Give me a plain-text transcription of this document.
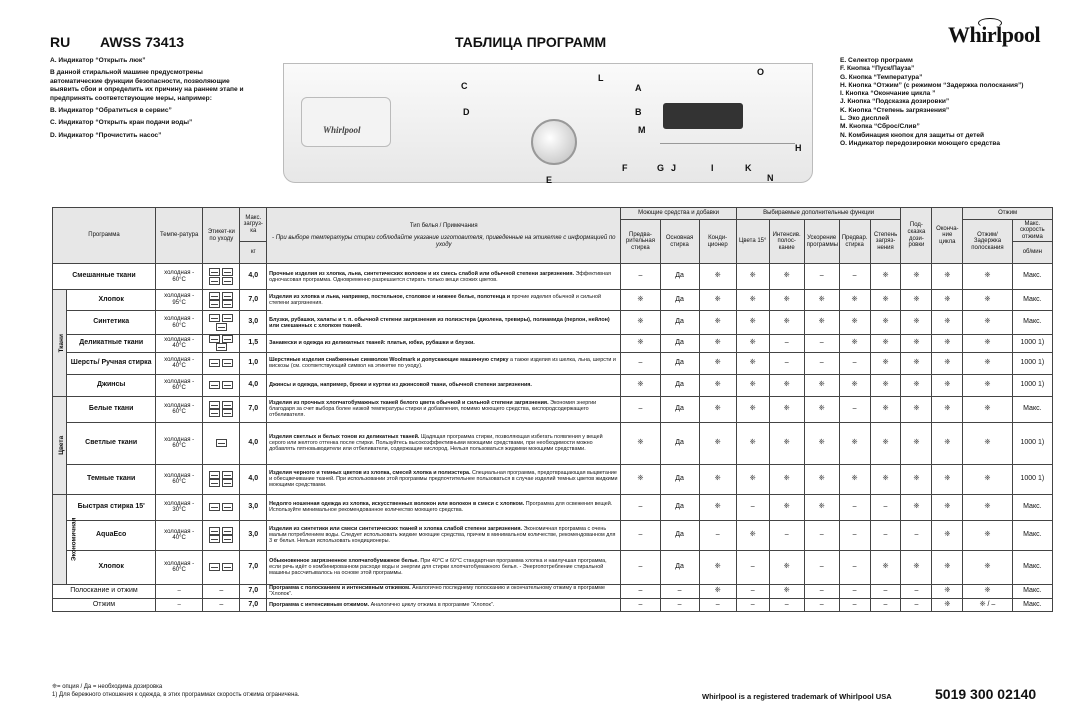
RU AWSS 73413	ТАБЛИЦА ПРОГРАММ	Whirlpool

A. Индикатор “Открыть люк”

В данной стиральной машине предусмотрены автоматические функции безопасности, позволяющие выявить сбои и определить их причину на раннем этапе и предпринять соответствующие меры, например:

B. Индикатор “Обратиться в сервис”

C. Индикатор “Открыть кран подачи воды”

D. Индикатор “Прочистить насос”

Whirlpool
C
D
L
A
B
M
O
H
F	G J	I	K
N
E
E. Селектор программ
F. Кнопка “Пуск/Пауза”
G. Кнопка “Температура”
H. Кнопка “Отжим” (с режимом “Задержка полоскания”)
I. Кнопка “Окончание цикла ”
J. Кнопка “Подсказка дозировки”
K. Кнопка “Степень загрязнения”
L. Эко дисплей
M. Кнопка “Сброс/Слив”
N. Комбинация кнопок для защиты от детей
O. Индикатор передозировки моющего средства
Программа		Темпе-ратура	Этикет-ки по уходу	Макс. загруз-ка	Тип белья / Примечания
- При выборе температуры стирки соблюдайте указание изготовителя, приведенные на этикетке с информацией по уходу	Моющие средства и добавки			Выбираемые дополнительные функции					Под-сказка дози-ровки	Оконча-ние цикла	Отжим	
						Предва-рительная стирка	Основная стирка	Конди-ционер	Цвета 15°	Интенсив. полос-кание	Ускорение программы	Предвар. стирка	Степень загряз-нения			Отжим/ Задержка полоскания	Макс. скорость отжима
				кг													об/мин
Смешанные ткани		холодная - 60°C		4,0	Прочные изделия из хлопка, льна, синтетических волокон и их смесь слабой или обычной степени загрязнения. Эффективная одночасовая программа. Одновременно разрешается стирать только вещи схожих цветов.	–	Да	❊	❊	❊	–	–	❊	❊	❊	❊	Макс.
Ткани	Хлопок	холодная - 95°C		7,0	Изделия из хлопка и льна, например, постельное, столовое и нижнее белье, полотенца и прочие изделия обычной и сильной степени загрязнения.	❊	Да	❊	❊	❊	❊	❊	❊	❊	❊	❊	Макс.
	Синтетика	холодная - 60°C		3,0	Блузки, рубашки, халаты и т. п. обычной степени загрязнения из полиэстера (диолена, тревиры), полиамида (перлон, нейлон) или смешанных с хлопком тканей.	❊	Да	❊	❊	❊	❊	❊	❊	❊	❊	❊	Макс.
	Деликатные ткани	холодная - 40°C		1,5	Занавески и одежда из деликатных тканей: платья, юбки, рубашки и блузки.	❊	Да	❊	❊	–	–	❊	❊	❊	❊	❊	1000 1)
	Шерсть/ Ручная стирка	холодная - 40°C		1,0	Шерстяные изделия снабженные символом Woolmark и допускающие машинную стирку а также изделия из шелка, льна, шерсти и вискозы (см. соответствующий символ на этикетке по уходу).	–	Да	❊	❊	–	–	–	❊	❊	❊	❊	1000 1)
	Джинсы	холодная - 60°C		4,0	Джинсы и одежда, например, брюки и куртки из джинсовой ткани, обычной степени загрязнения.	❊	Да	❊	❊	❊	❊	❊	❊	❊	❊	❊	1000 1)
Цвета	Белые ткани	холодная - 60°C		7,0	Изделия из прочных хлопчатобумажных тканей белого цвета обычной и сильной степени загрязнения. Экономия энергии благодаря за счет выбора более низкой температуры стирки и добавления, помимо моющего средства, кислородсодержащего отбеливателя.	–	Да	❊	❊	❊	❊	–	❊	❊	❊	❊	Макс.
	Светлые ткани	холодная - 60°C		4,0	Изделия светлых и белых тонов из деликатных тканей. Щадящая программа стирки, позволяющая избегать появления у вещей серого или желтого оттенка после стирки. Пользуйтесь высокоэффективными моющими средствами, при необходимости можно добавлять пятновыводители или отбеливатели, содержащие кислород. Нельзя пользоваться жидкими моющими средствами.	❊	Да	❊	❊	❊	❊	❊	❊	❊	❊	❊	1000 1)
	Темные ткани	холодная - 60°C		4,0	Изделия черного и темных цветов из хлопка, смесей хлопка и полиэстера. Специальная программа, предотвращающая выцветание и обесцвечивание тканей. При использовании этой программы предпочтительнее пользоваться в случае изделий темных цветов жидкими моющими средствами.	❊	Да	❊	❊	❊	❊	❊	❊	❊	❊	❊	1000 1)
Экономичная	Быстрая стирка 15'	холодная - 30°C		3,0	Недолго ношенная одежда из хлопка, искусственных волокон или волокон в смеси с хлопком. Программа для освежения вещей. Используйте минимальное рекомендованное количество моющего средства.	–	Да	❊	–	❊	❊	–	–	❊	❊	❊	Макс.
	AquaEco	холодная - 40°C		3,0	Изделия из синтетики или смеси синтетических тканей и хлопка слабой степени загрязнения. Экономичная программа с очень малым потреблением воды. Следует использовать жидкие моющие средства, причем в минимальном количестве, рекомендованном для 3 кг белья. Нельзя использовать кондиционеры.	–	Да	–	❊	–	–	–	–	–	❊	❊	Макс.
	Хлопок	холодная - 60°C		7,0	Обыкновенное загрязненное хлопчатобумажное белье. При 40°C и 60°C стандартная программа хлопка и наилучшая программа, если речь идёт о комбинированном расходе воды и энергии для стирки хлопчатобумажного белья. - Энергопотребление стиральной машины рассчитывалось на основе этой программы.	–	Да	❊	–	❊	–	–	❊	❊	❊	❊	Макс.
Полоскание и отжим		–	–	7,0	Программа с полосканием и интенсивным отжимом. Аналогично последнему полосканию и окончательному отжиму в программе “Хлопок”.	–	–	❊	–	❊	–	–	–	–	❊	❊	Макс.
Отжим		–	–	7,0	Программа с интенсивным отжимом. Аналогично циклу отжима в программе “Хлопок”.	–	–	–	–	–	–	–	–	–	❊	❊ / –	Макс.
❊= опция / Да = необходима дозировка
1) Для бережного отношения к одежда, в этих программах скорость отжима ограничена.	Whirlpool is a registered trademark of Whirlpool USA	5019 300 02140
